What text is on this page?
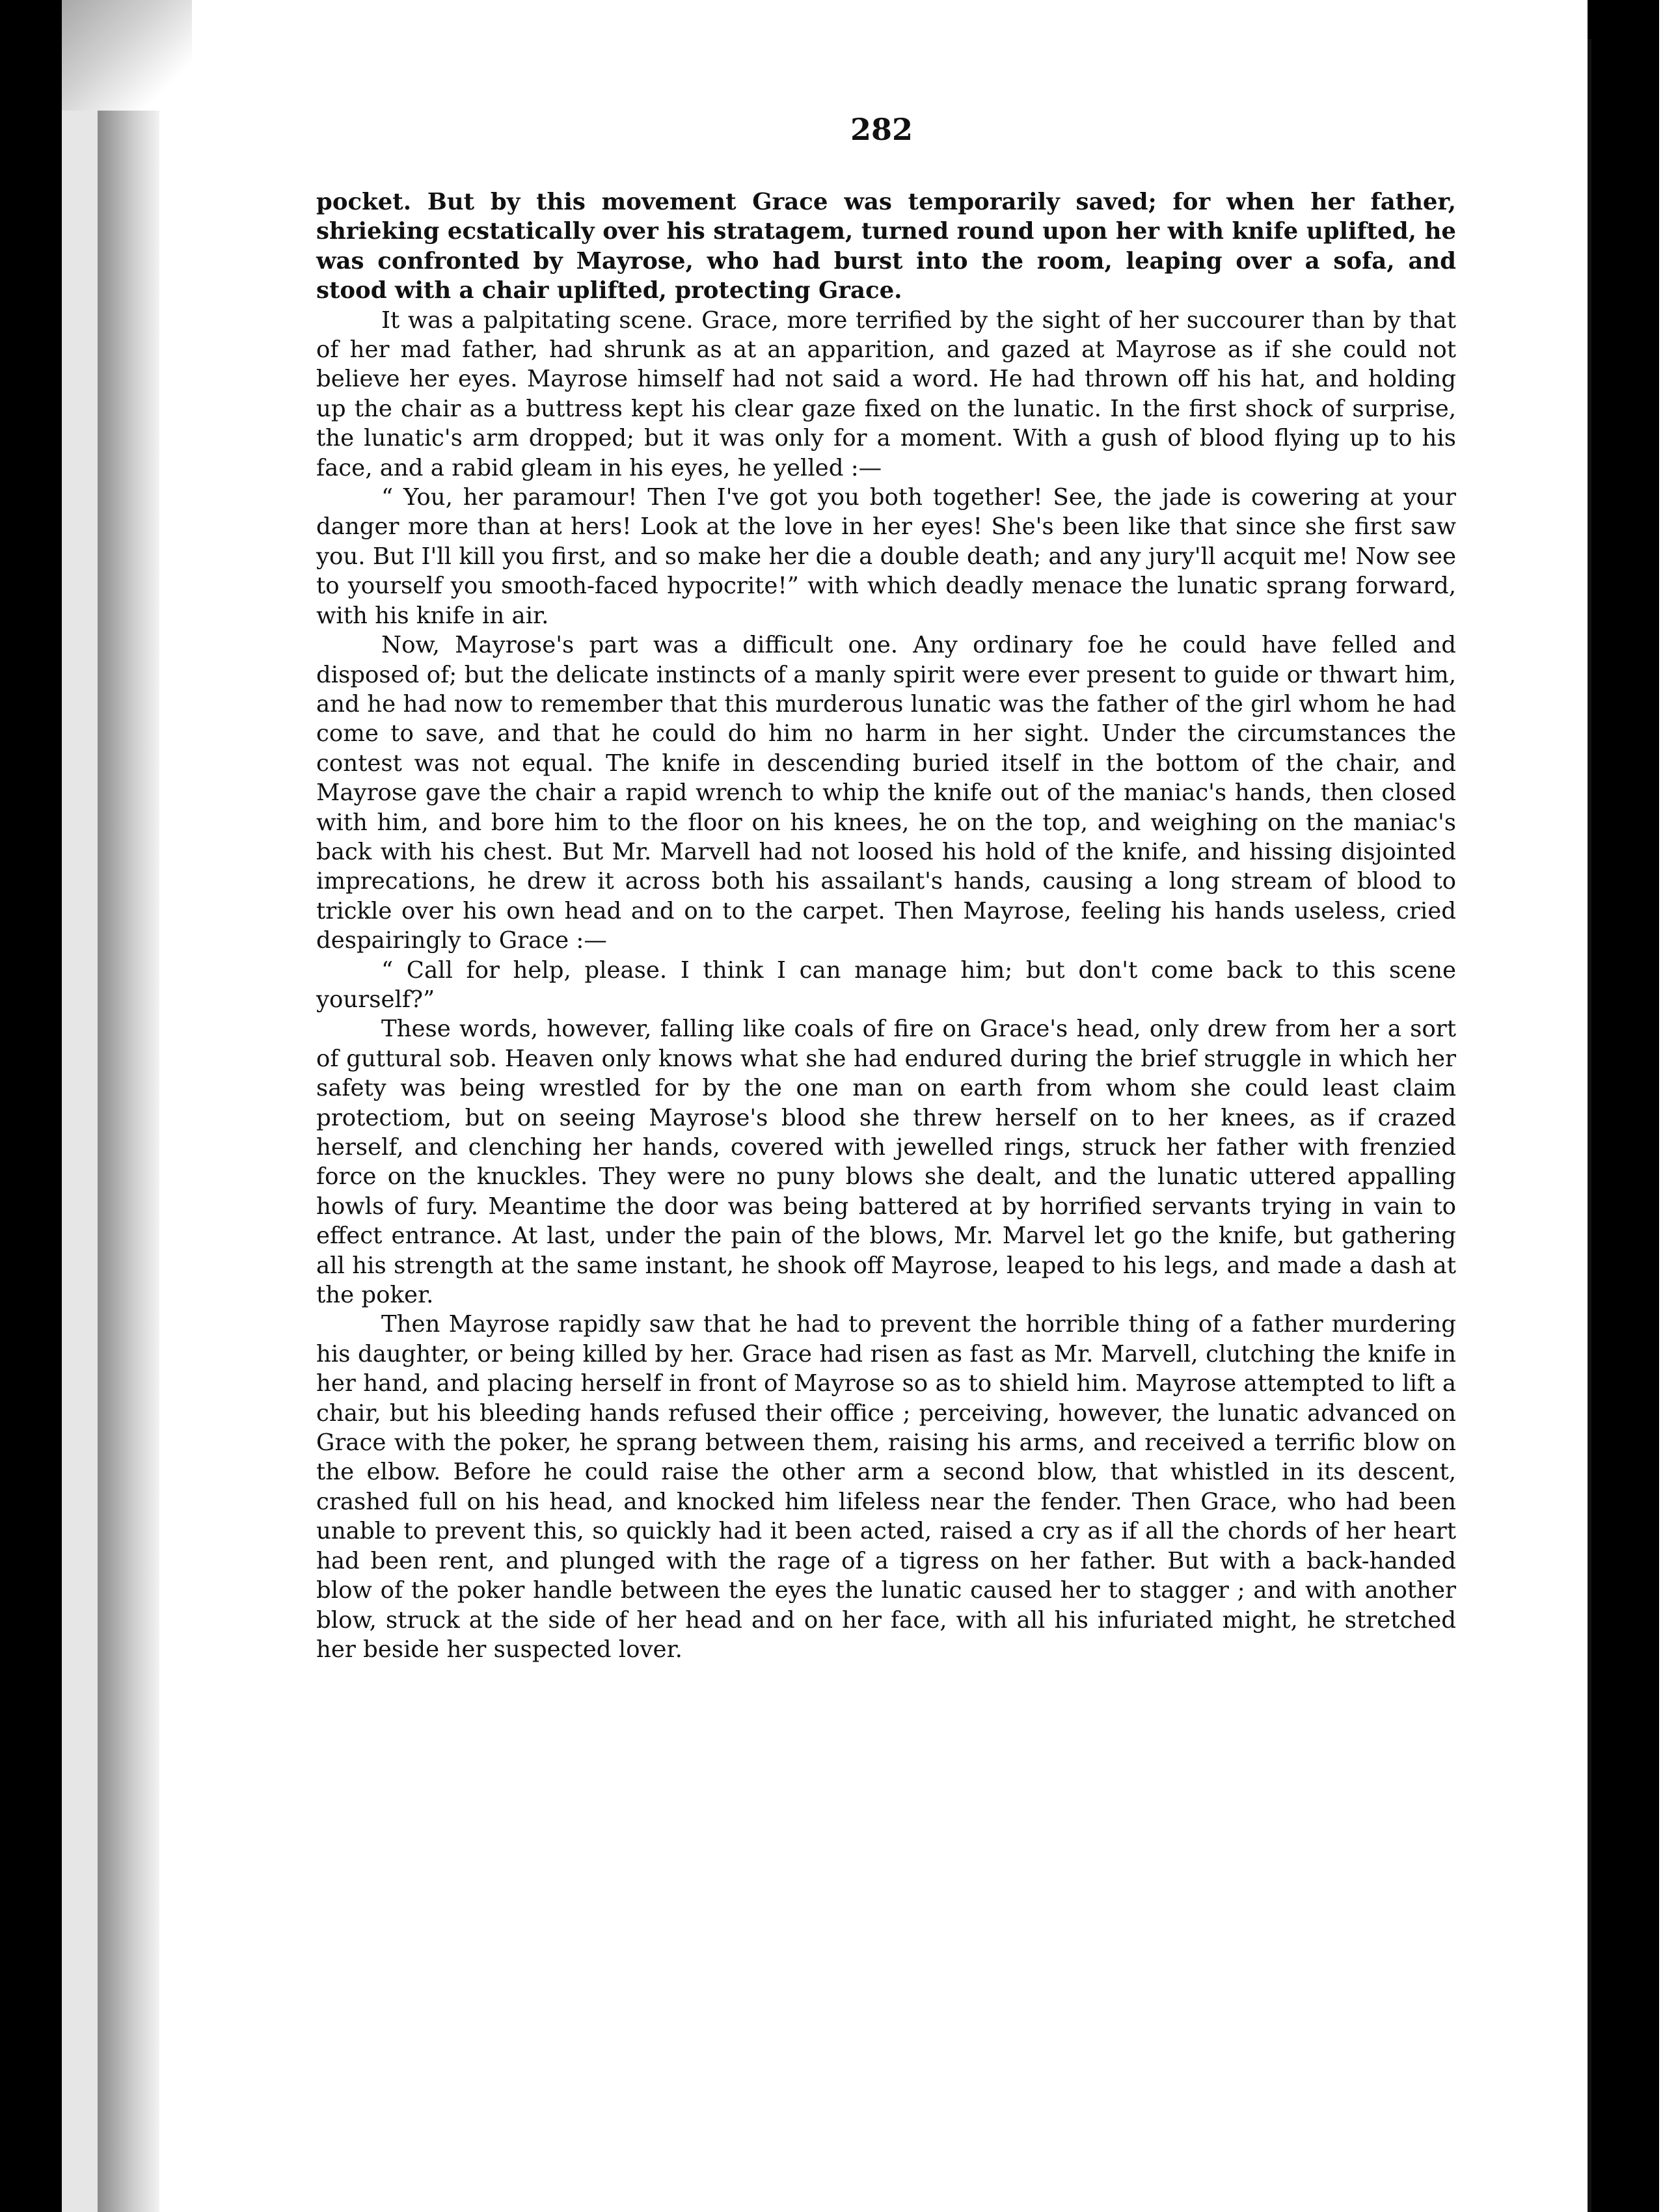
282

pocket. But by this movement Grace was temporarily saved; for when her father, shrieking ecstatically over his stratagem, turned round upon her with knife uplifted, he was confronted by Mayrose, who had burst into the room, leaping over a sofa, and stood with a chair uplifted, protecting Grace.

It was a palpitating scene. Grace, more terrified by the sight of her succourer than by that of her mad father, had shrunk as at an apparition, and gazed at Mayrose as if she could not believe her eyes. Mayrose himself had not said a word. He had thrown off his hat, and holding up the chair as a buttress kept his clear gaze fixed on the lunatic. In the first shock of surprise, the lunatic's arm dropped; but it was only for a moment. With a gush of blood flying up to his face, and a rabid gleam in his eyes, he yelled :—

“ You, her paramour! Then I've got you both together! See, the jade is cowering at your danger more than at hers! Look at the love in her eyes! She's been like that since she first saw you. But I'll kill you first, and so make her die a double death; and any jury'll acquit me! Now see to yourself you smooth-faced hypocrite!” with which deadly menace the lunatic sprang forward, with his knife in air.

Now, Mayrose's part was a difficult one. Any ordinary foe he could have felled and disposed of; but the delicate instincts of a manly spirit were ever present to guide or thwart him, and he had now to remember that this murderous lunatic was the father of the girl whom he had come to save, and that he could do him no harm in her sight. Under the circumstances the contest was not equal. The knife in descending buried itself in the bottom of the chair, and Mayrose gave the chair a rapid wrench to whip the knife out of the maniac's hands, then closed with him, and bore him to the floor on his knees, he on the top, and weighing on the maniac's back with his chest. But Mr. Marvell had not loosed his hold of the knife, and hissing disjointed imprecations, he drew it across both his assailant's hands, causing a long stream of blood to trickle over his own head and on to the carpet. Then Mayrose, feeling his hands useless, cried despairingly to Grace :—

“ Call for help, please. I think I can manage him; but don't come back to this scene yourself?”

These words, however, falling like coals of fire on Grace's head, only drew from her a sort of guttural sob. Heaven only knows what she had endured during the brief struggle in which her safety was being wrestled for by the one man on earth from whom she could least claim protectiom, but on seeing Mayrose's blood she threw herself on to her knees, as if crazed herself, and clenching her hands, covered with jewelled rings, struck her father with frenzied force on the knuckles. They were no puny blows she dealt, and the lunatic uttered appalling howls of fury. Meantime the door was being battered at by horrified servants trying in vain to effect entrance. At last, under the pain of the blows, Mr. Marvel let go the knife, but gathering all his strength at the same instant, he shook off Mayrose, leaped to his legs, and made a dash at the poker.

Then Mayrose rapidly saw that he had to prevent the horrible thing of a father murdering his daughter, or being killed by her. Grace had risen as fast as Mr. Marvell, clutching the knife in her hand, and placing herself in front of Mayrose so as to shield him. Mayrose attempted to lift a chair, but his bleeding hands refused their office ; perceiving, however, the lunatic advanced on Grace with the poker, he sprang between them, raising his arms, and received a terrific blow on the elbow. Before he could raise the other arm a second blow, that whistled in its descent, crashed full on his head, and knocked him lifeless near the fender. Then Grace, who had been unable to prevent this, so quickly had it been acted, raised a cry as if all the chords of her heart had been rent, and plunged with the rage of a tigress on her father. But with a back-handed blow of the poker handle between the eyes the lunatic caused her to stagger ; and with another blow, struck at the side of her head and on her face, with all his infuriated might, he stretched her beside her suspected lover.
